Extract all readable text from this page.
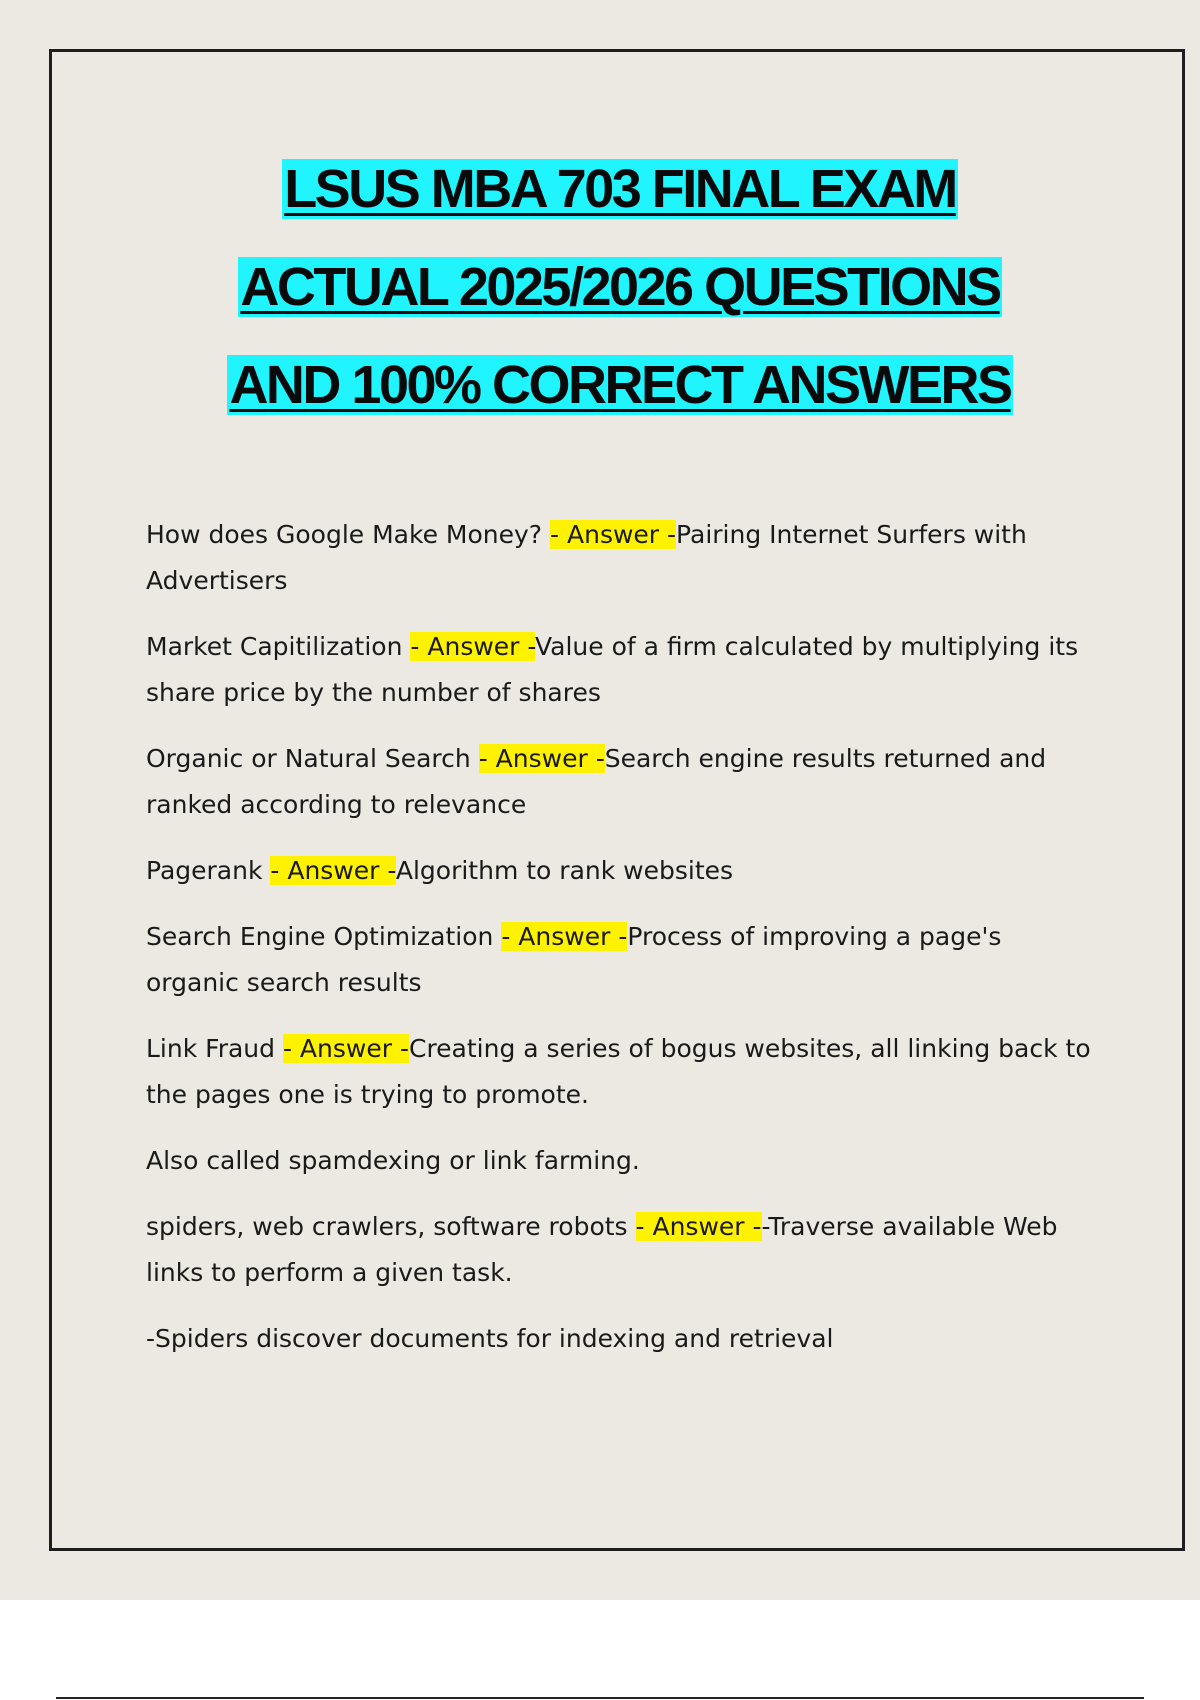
LSUS MBA 703 FINAL EXAM
ACTUAL 2025/2026 QUESTIONS
AND 100% CORRECT ANSWERS

How does Google Make Money? - Answer -Pairing Internet Surfers with Advertisers

Market Capitilization - Answer -Value of a firm calculated by multiplying its share price by the number of shares

Organic or Natural Search - Answer -Search engine results returned and ranked according to relevance

Pagerank - Answer -Algorithm to rank websites

Search Engine Optimization - Answer -Process of improving a page's organic search results

Link Fraud - Answer -Creating a series of bogus websites, all linking back to the pages one is trying to promote.

Also called spamdexing or link farming.

spiders, web crawlers, software robots - Answer --Traverse available Web links to perform a given task.

-Spiders discover documents for indexing and retrieval
